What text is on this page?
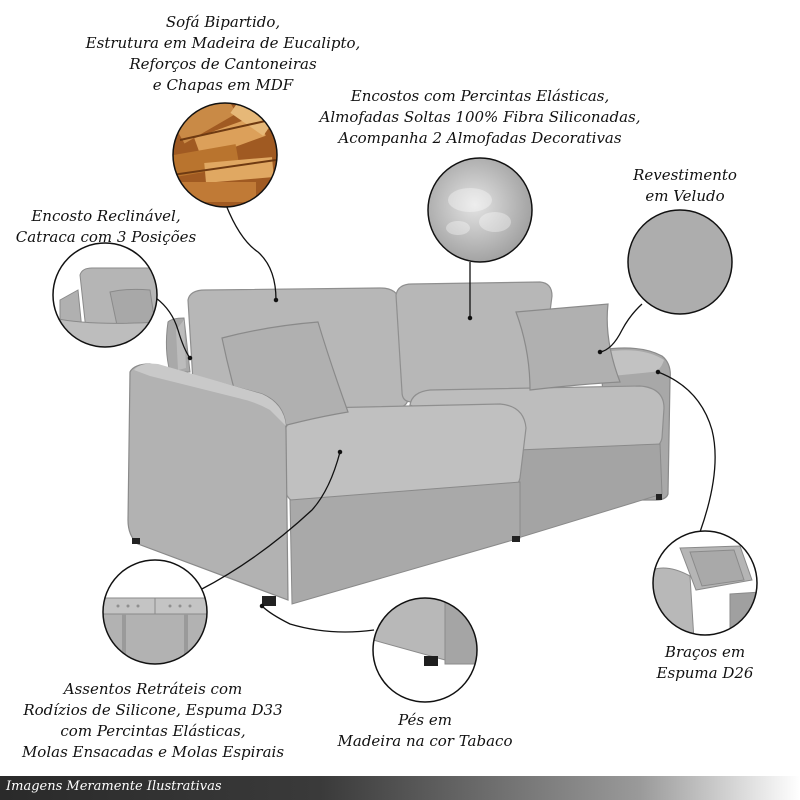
Sofá Bipartido,
Estrutura em Madeira de Eucalipto,
Reforços de Cantoneiras
e Chapas em MDF
Encostos com Percintas Elásticas,
Almofadas Soltas 100% Fibra Siliconadas,
Acompanha 2 Almofadas Decorativas
Revestimento
em Veludo
Encosto Reclinável,
Catraca com 3 Posições
Braços em
Espuma D26
Assentos Retráteis com
Rodízios de Silicone, Espuma D33
com Percintas Elásticas,
Molas Ensacadas e Molas Espirais
Pés em
Madeira na cor Tabaco
Imagens Meramente Ilustrativas
